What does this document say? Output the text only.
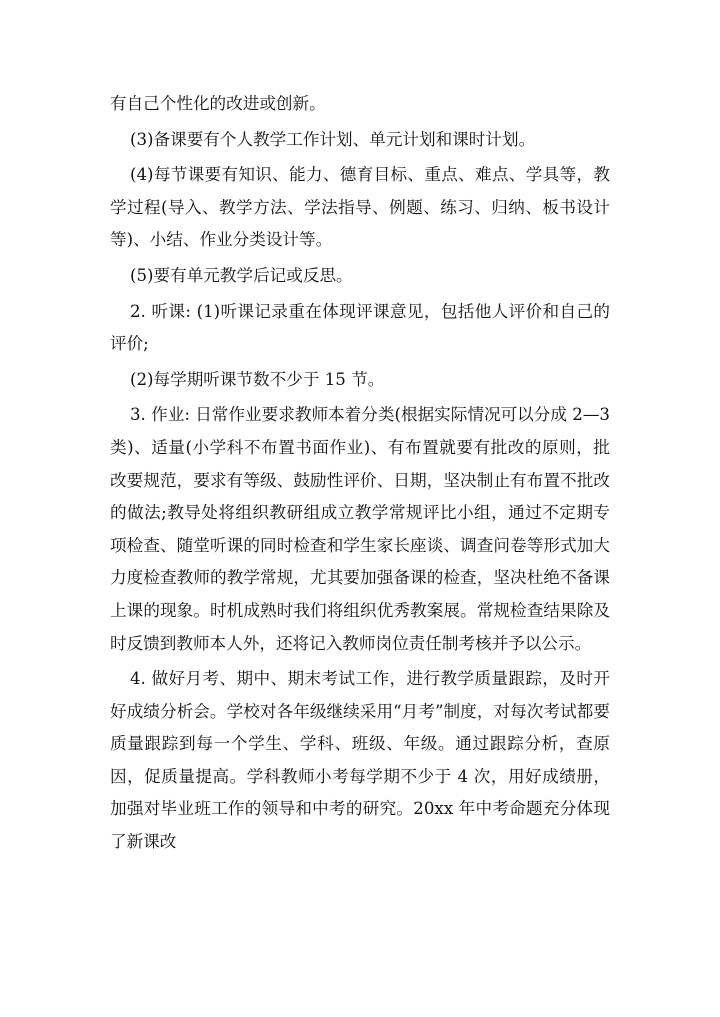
有自己个性化的改进或创新。

(3)备课要有个人教学工作计划、单元计划和课时计划。

(4)每节课要有知识、能力、德育目标、重点、难点、学具等，教学过程(导入、教学方法、学法指导、例题、练习、归纳、板书设计等)、小结、作业分类设计等。

(5)要有单元教学后记或反思。

2. 听课: (1)听课记录重在体现评课意见，包括他人评价和自己的评价;

(2)每学期听课节数不少于 15 节。

3. 作业: 日常作业要求教师本着分类(根据实际情况可以分成 2—3 类)、适量(小学科不布置书面作业)、有布置就要有批改的原则，批改要规范，要求有等级、鼓励性评价、日期，坚决制止有布置不批改的做法;教导处将组织教研组成立教学常规评比小组，通过不定期专项检查、随堂听课的同时检查和学生家长座谈、调查问卷等形式加大力度检查教师的教学常规，尤其要加强备课的检查，坚决杜绝不备课上课的现象。时机成熟时我们将组织优秀教案展。常规检查结果除及时反馈到教师本人外，还将记入教师岗位责任制考核并予以公示。

4. 做好月考、期中、期末考试工作，进行教学质量跟踪，及时开好成绩分析会。学校对各年级继续采用“月考”制度，对每次考试都要质量跟踪到每一个学生、学科、班级、年级。通过跟踪分析，查原因，促质量提高。学科教师小考每学期不少于 4 次，用好成绩册，加强对毕业班工作的领导和中考的研究。20xx 年中考命题充分体现了新课改
